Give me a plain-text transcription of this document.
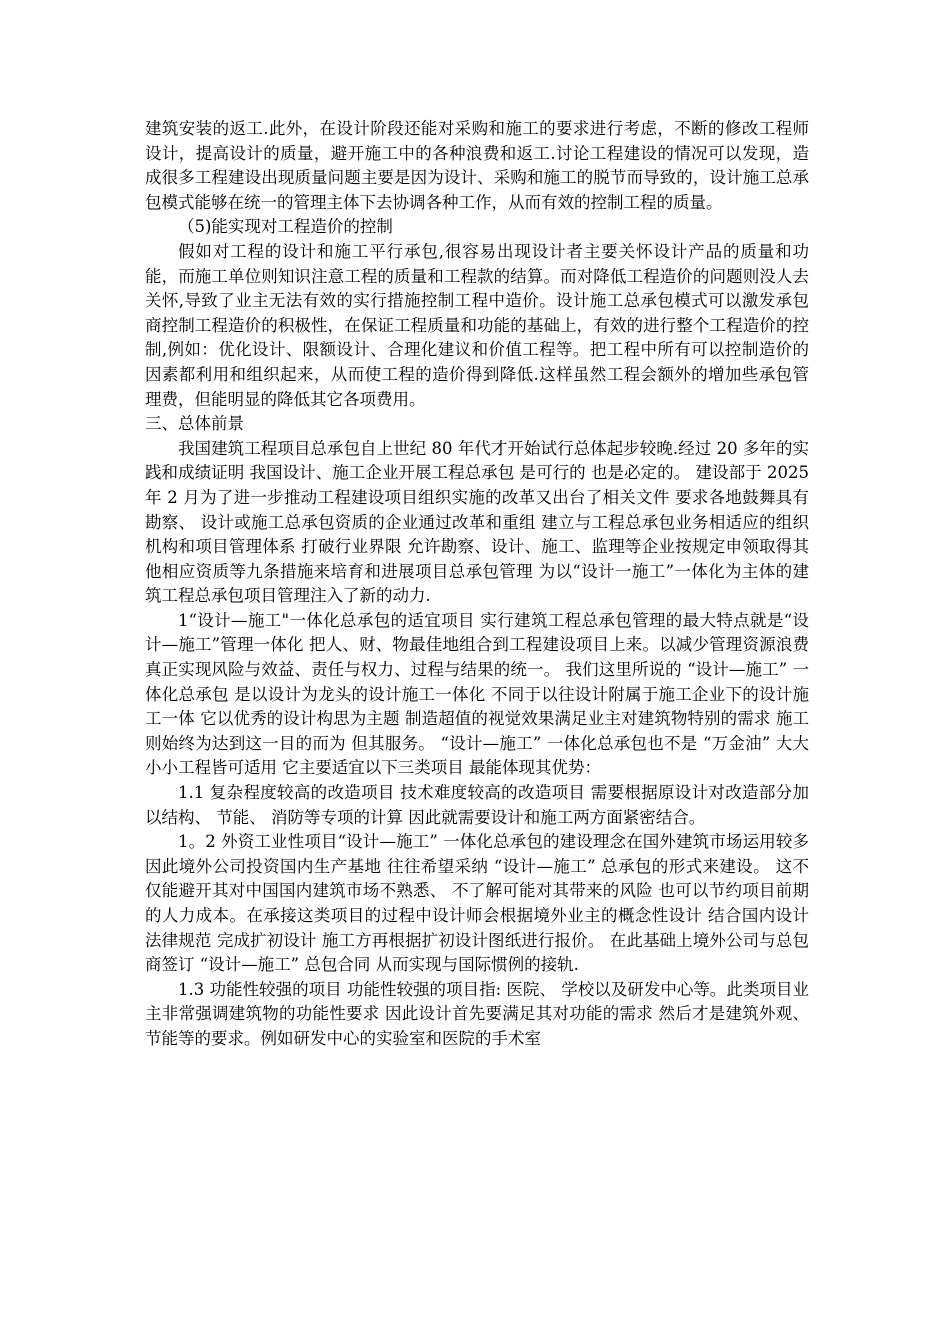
建筑安装的返工.此外，在设计阶段还能对采购和施工的要求进行考虑，不断的修改工程师设计，提高设计的质量，避开施工中的各种浪费和返工.讨论工程建设的情况可以发现，造成很多工程建设出现质量问题主要是因为设计、采购和施工的脱节而导致的，设计施工总承包模式能够在统一的管理主体下去协调各种工作，从而有效的控制工程的质量。

（5)能实现对工程造价的控制

假如对工程的设计和施工平行承包,很容易出现设计者主要关怀设计产品的质量和功能，而施工单位则知识注意工程的质量和工程款的结算。而对降低工程造价的问题则没人去关怀,导致了业主无法有效的实行措施控制工程中造价。设计施工总承包模式可以激发承包商控制工程造价的积极性，在保证工程质量和功能的基础上，有效的进行整个工程造价的控制,例如：优化设计、限额设计、合理化建议和价值工程等。把工程中所有可以控制造价的因素都利用和组织起来，从而使工程的造价得到降低.这样虽然工程会额外的增加些承包管理费，但能明显的降低其它各项费用。

三、总体前景

我国建筑工程项目总承包自上世纪 80 年代才开始试行总体起步较晚.经过 20 多年的实践和成绩证明 我国设计、施工企业开展工程总承包 是可行的 也是必定的。 建设部于 2025 年 2 月为了进一步推动工程建设项目组织实施的改革又出台了相关文件 要求各地鼓舞具有勘察、 设计或施工总承包资质的企业通过改革和重组 建立与工程总承包业务相适应的组织机构和项目管理体系 打破行业界限 允许勘察、设计、施工、监理等企业按规定申领取得其他相应资质等九条措施来培育和进展项目总承包管理 为以“设计一施工”一体化为主体的建筑工程总承包项目管理注入了新的动力.

1“设计—施工"一体化总承包的适宜项目 实行建筑工程总承包管理的最大特点就是“设计—施工”管理一体化 把人、财、物最佳地组合到工程建设项目上来。以减少管理资源浪费 真正实现风险与效益、责任与权力、过程与结果的统一。 我们这里所说的 “设计—施工” 一体化总承包 是以设计为龙头的设计施工一体化 不同于以往设计附属于施工企业下的设计施工一体 它以优秀的设计构思为主题 制造超值的视觉效果满足业主对建筑物特别的需求 施工则始终为达到这一目的而为 但其服务。 “设计—施工” 一体化总承包也不是 “万金油” 大大小小工程皆可适用 它主要适宜以下三类项目 最能体现其优势：

1.1 复杂程度较高的改造项目 技术难度较高的改造项目 需要根据原设计对改造部分加以结构、 节能、 消防等专项的计算 因此就需要设计和施工两方面紧密结合。

1。2 外资工业性项目“设计—施工” 一体化总承包的建设理念在国外建筑市场运用较多 因此境外公司投资国内生产基地 往往希望采纳 “设计—施工” 总承包的形式来建设。 这不仅能避开其对中国国内建筑市场不熟悉、 不了解可能对其带来的风险 也可以节约项目前期的人力成本。在承接这类项目的过程中设计师会根据境外业主的概念性设计 结合国内设计法律规范 完成扩初设计 施工方再根据扩初设计图纸进行报价。 在此基础上境外公司与总包商签订 “设计—施工” 总包合同 从而实现与国际惯例的接轨.

1.3 功能性较强的项目 功能性较强的项目指: 医院、 学校以及研发中心等。此类项目业主非常强调建筑物的功能性要求 因此设计首先要满足其对功能的需求 然后才是建筑外观、 节能等的要求。例如研发中心的实验室和医院的手术室
